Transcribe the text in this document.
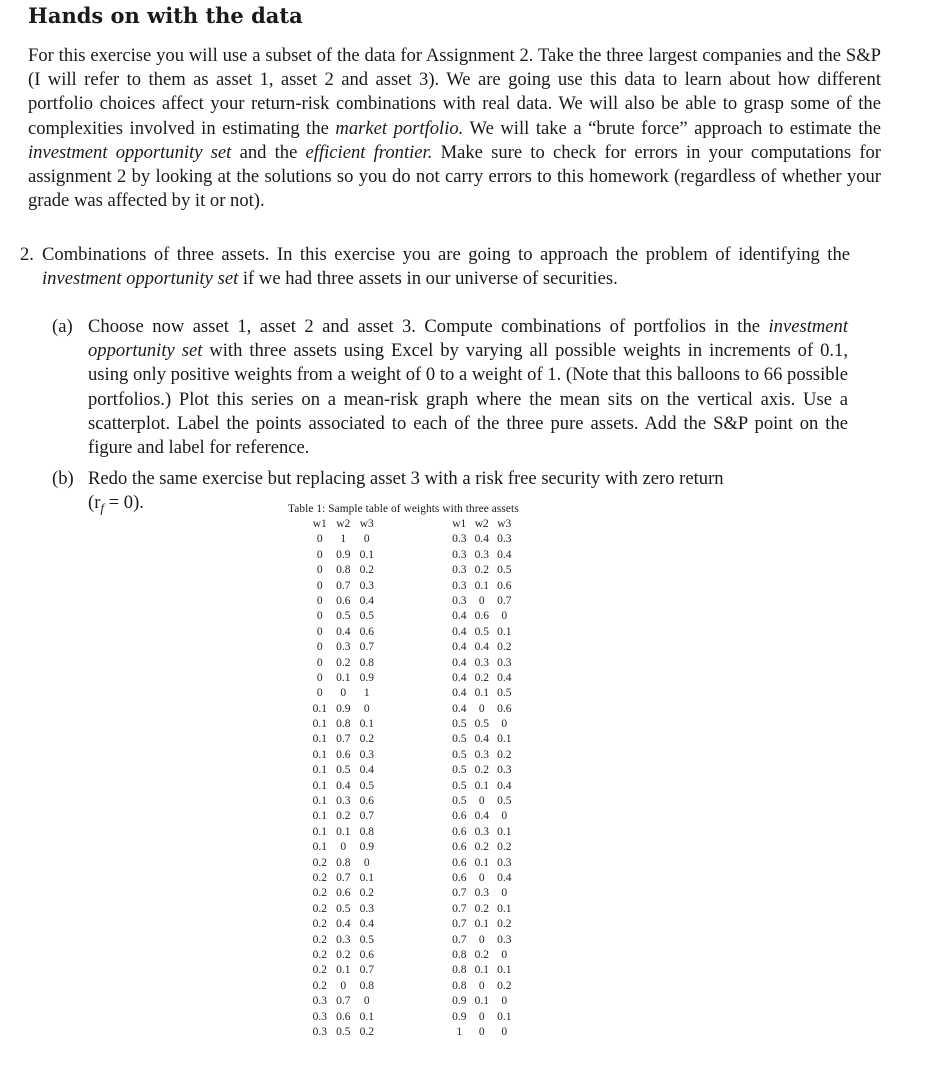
Hands on with the data

For this exercise you will use a subset of the data for Assignment 2. Take the three largest companies and the S&P (I will refer to them as asset 1, asset 2 and asset 3). We are going use this data to learn about how different portfolio choices affect your return-risk combinations with real data. We will also be able to grasp some of the complexities involved in estimating the market portfolio. We will take a “brute force” approach to estimate the investment opportunity set and the efficient frontier. Make sure to check for errors in your computations for assignment 2 by looking at the solutions so you do not carry errors to this homework (regardless of whether your grade was affected by it or not).

2. Combinations of three assets. In this exercise you are going to approach the problem of identifying the investment opportunity set if we had three assets in our universe of securities.
(a) Choose now asset 1, asset 2 and asset 3. Compute combinations of portfolios in the investment opportunity set with three assets using Excel by varying all possible weights in increments of 0.1, using only positive weights from a weight of 0 to a weight of 1. (Note that this balloons to 66 possible portfolios.) Plot this series on a mean-risk graph where the mean sits on the vertical axis. Use a scatterplot. Label the points associated to each of the three pure assets. Add the S&P point on the figure and label for reference.
(b) Redo the same exercise but replacing asset 3 with a risk free security with zero return
$(r_f = 0)$.	Table 1: Sample table of weights with three assets

w1 w2 w3
0	1	0
0	0.9 0.1
0	0.8 0.2
0	0.7 0.3
0	0.6 0.4
0	0.5 0.5
0	0.4 0.6
0	0.3 0.7
0	0.2 0.8
0	0.1 0.9
0	0	1
0.1 0.9	0
0.1 0.8 0.1
0.1 0.7 0.2
0.1 0.6 0.3
0.1 0.5 0.4
0.1 0.4 0.5
0.1 0.3 0.6
0.1 0.2 0.7
0.1 0.1 0.8
0.1	0	0.9
0.2 0.8	0
0.2 0.7 0.1
0.2 0.6 0.2
0.2 0.5 0.3
0.2 0.4 0.4
0.2 0.3 0.5
0.2 0.2 0.6
0.2 0.1 0.7
0.2	0	0.8
0.3 0.7	0
0.3 0.6 0.1
0.3 0.5 0.2
w1 w2 w3
0.3 0.4 0.3
0.3 0.3 0.4
0.3 0.2 0.5
0.3 0.1 0.6
0.3	0	0.7
0.4 0.6	0
0.4 0.5 0.1
0.4 0.4 0.2
0.4 0.3 0.3
0.4 0.2 0.4
0.4 0.1 0.5
0.4	0	0.6
0.5 0.5	0
0.5 0.4 0.1
0.5 0.3 0.2
0.5 0.2 0.3
0.5 0.1 0.4
0.5	0	0.5
0.6 0.4	0
0.6 0.3 0.1
0.6 0.2 0.2
0.6 0.1 0.3
0.6	0	0.4
0.7 0.3	0
0.7 0.2 0.1
0.7 0.1 0.2
0.7	0	0.3
0.8 0.2	0
0.8 0.1 0.1
0.8	0	0.2
0.9 0.1	0
0.9	0	0.1
1	0	0
